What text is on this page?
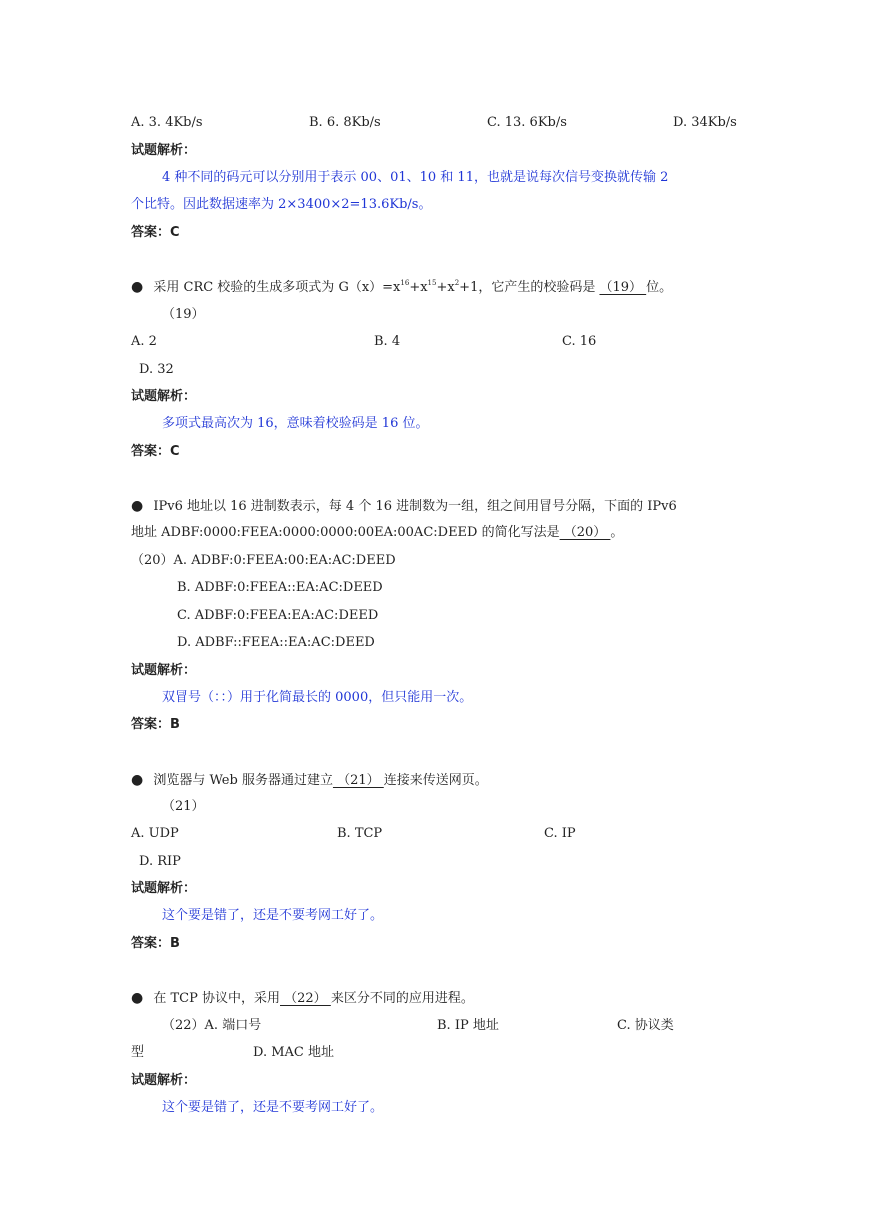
A. 3. 4Kb/s	B. 6. 8Kb/s	C. 13. 6Kb/s	D. 34Kb/s
试题解析：
4 种不同的码元可以分别用于表示 00、01、10 和 11，也就是说每次信号变换就传输 2
个比特。因此数据速率为 2×3400×2=13.6Kb/s。
答案：C
● 采用 CRC 校验的生成多项式为 $G(x)=x^{16}+x^{15}+x^2+1$，它产生的校验码是 （19） 位。
（19）
A. 2	B. 4	C. 16
D. 32
试题解析：
多项式最高次为 16，意味着校验码是 16 位。
答案：C
● IPv6 地址以 16 进制数表示，每 4 个 16 进制数为一组，组之间用冒号分隔，下面的 IPv6
地址 ADBF:0000:FEEA:0000:0000:00EA:00AC:DEED 的简化写法是 （20） 。
（20）A. ADBF:0:FEEA:00:EA:AC:DEED
B. ADBF:0:FEEA::EA:AC:DEED
C. ADBF:0:FEEA:EA:AC:DEED
D. ADBF::FEEA::EA:AC:DEED
试题解析：
双冒号（：：）用于化简最长的 0000，但只能用一次。
答案：B
● 浏览器与 Web 服务器通过建立 （21） 连接来传送网页。
（21）
A. UDP	B. TCP	C. IP
D. RIP
试题解析：
这个要是错了，还是不要考网工好了。
答案：B
● 在 TCP 协议中，采用 （22） 来区分不同的应用进程。
（22）A. 端口号	B. IP 地址	C. 协议类
型	D. MAC 地址
试题解析：
这个要是错了，还是不要考网工好了。
